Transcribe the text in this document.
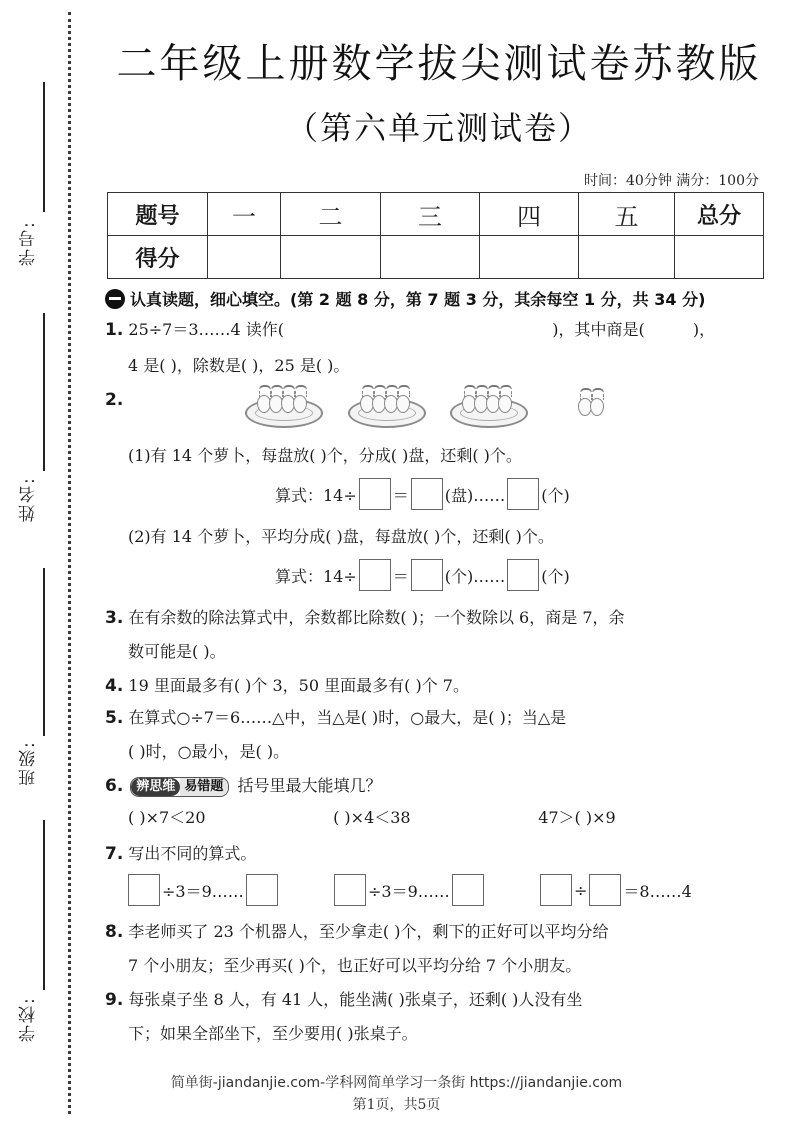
学号:
姓名:
班级:
学校:
二年级上册数学拔尖测试卷苏教版
（第六单元测试卷）
时间：40分钟 满分：100分
题号	一	二	三	四	五	总分
得分						
认真读题，细心填空。(第 2 题 8 分，第 7 题 3 分，其余每空 1 分，共 34 分)
1. 25÷7＝3……4 读作(	)，其中商是(	)，
4 是( )，除数是( )，25 是( )。
2.
(1)有 14 个萝卜，每盘放( )个，分成( )盘，还剩( )个。
算式：14÷ ＝ (盘)…… (个)
(2)有 14 个萝卜，平均分成( )盘，每盘放( )个，还剩( )个。
算式：14÷ ＝ (个)…… (个)
3. 在有余数的除法算式中，余数都比除数( )；一个数除以 6，商是 7，余
数可能是( )。
4. 19 里面最多有( )个 3，50 里面最多有( )个 7。
5. 在算式○÷7＝6……△中，当△是( )时，○最大，是( )；当△是
( )时，○最小，是( )。
6.	辨思维 易错题 括号里最大能填几？
( )×7＜20	( )×4＜38	47＞( )×9
7. 写出不同的算式。
÷3＝9……	÷3＝9……	÷ ＝8……4
8. 李老师买了 23 个机器人，至少拿走( )个，剩下的正好可以平均分给
7 个小朋友；至少再买( )个，也正好可以平均分给 7 个小朋友。
9. 每张桌子坐 8 人，有 41 人，能坐满( )张桌子，还剩( )人没有坐
下；如果全部坐下，至少要用( )张桌子。
简单街-jiandanjie.com-学科网简单学习一条街 https://jiandanjie.com
第1页，共5页
